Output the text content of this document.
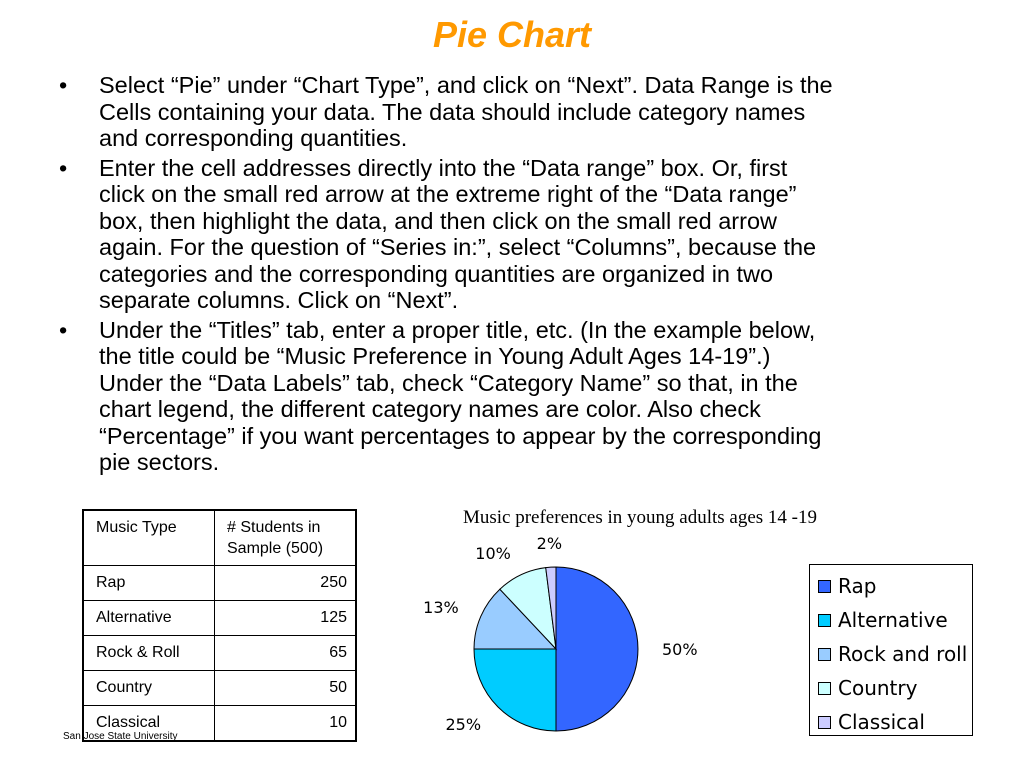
Pie Chart
• Select “Pie” under “Chart Type”, and click on “Next”. Data Range is the
Cells containing your data. The data should include category names
and corresponding quantities.
• Enter the cell addresses directly into the “Data range” box. Or, first
click on the small red arrow at the extreme right of the “Data range”
box, then highlight the data, and then click on the small red arrow
again. For the question of “Series in:”, select “Columns”, because the
categories and the corresponding quantities are organized in two
separate columns. Click on “Next”.
• Under the “Titles” tab, enter a proper title, etc. (In the example below,
the title could be “Music Preference in Young Adult Ages 14-19”.)
Under the “Data Labels” tab, check “Category Name” so that, in the
chart legend, the different category names are color. Also check
“Percentage” if you want percentages to appear by the corresponding
pie sectors.
Music Type	# Students in
Sample (500)
Rap	250
Alternative	125
Rock & Roll	65
Country	50
Classical	10
San Jose State University
Music preferences in young adults ages 14 -19
50%
25%
13%
10%
2%
Rap
Alternative
Rock and roll
Country
Classical
